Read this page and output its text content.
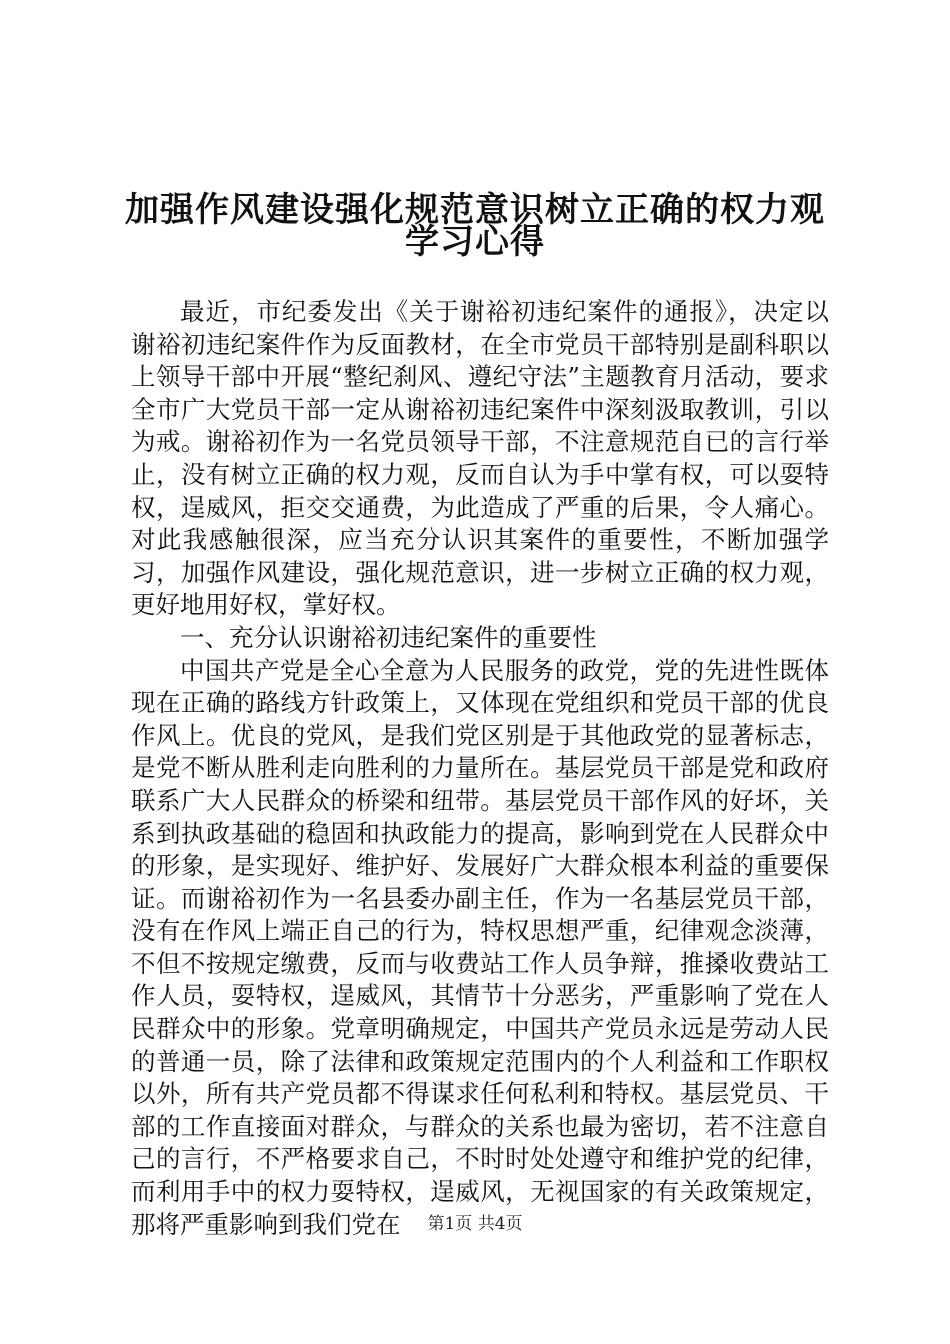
加强作风建设强化规范意识树立正确的权力观
学习心得

最近，市纪委发出《关于谢裕初违纪案件的通报》，决定以谢裕初违纪案件作为反面教材，在全市党员干部特别是副科职以上领导干部中开展“整纪刹风、遵纪守法”主题教育月活动，要求全市广大党员干部一定从谢裕初违纪案件中深刻汲取教训，引以为戒。谢裕初作为一名党员领导干部，不注意规范自已的言行举止，没有树立正确的权力观，反而自认为手中掌有权，可以耍特权，逞威风，拒交交通费，为此造成了严重的后果，令人痛心。对此我感触很深，应当充分认识其案件的重要性，不断加强学习，加强作风建设，强化规范意识，进一步树立正确的权力观，更好地用好权，掌好权。

一、充分认识谢裕初违纪案件的重要性

中国共产党是全心全意为人民服务的政党，党的先进性既体现在正确的路线方针政策上，又体现在党组织和党员干部的优良作风上。优良的党风，是我们党区别是于其他政党的显著标志，是党不断从胜利走向胜利的力量所在。基层党员干部是党和政府联系广大人民群众的桥梁和纽带。基层党员干部作风的好坏，关系到执政基础的稳固和执政能力的提高，影响到党在人民群众中的形象，是实现好、维护好、发展好广大群众根本利益的重要保证。而谢裕初作为一名县委办副主任，作为一名基层党员干部，没有在作风上端正自己的行为，特权思想严重，纪律观念淡薄，不但不按规定缴费，反而与收费站工作人员争辩，推搡收费站工作人员，耍特权，逞威风，其情节十分恶劣，严重影响了党在人民群众中的形象。党章明确规定，中国共产党员永远是劳动人民的普通一员，除了法律和政策规定范围内的个人利益和工作职权以外，所有共产党员都不得谋求任何私利和特权。基层党员、干部的工作直接面对群众，与群众的关系也最为密切，若不注意自己的言行，不严格要求自己，不时时处处遵守和维护党的纪律，而利用手中的权力耍特权，逞威风，无视国家的有关政策规定，那将严重影响到我们党在	第1页 共4页
